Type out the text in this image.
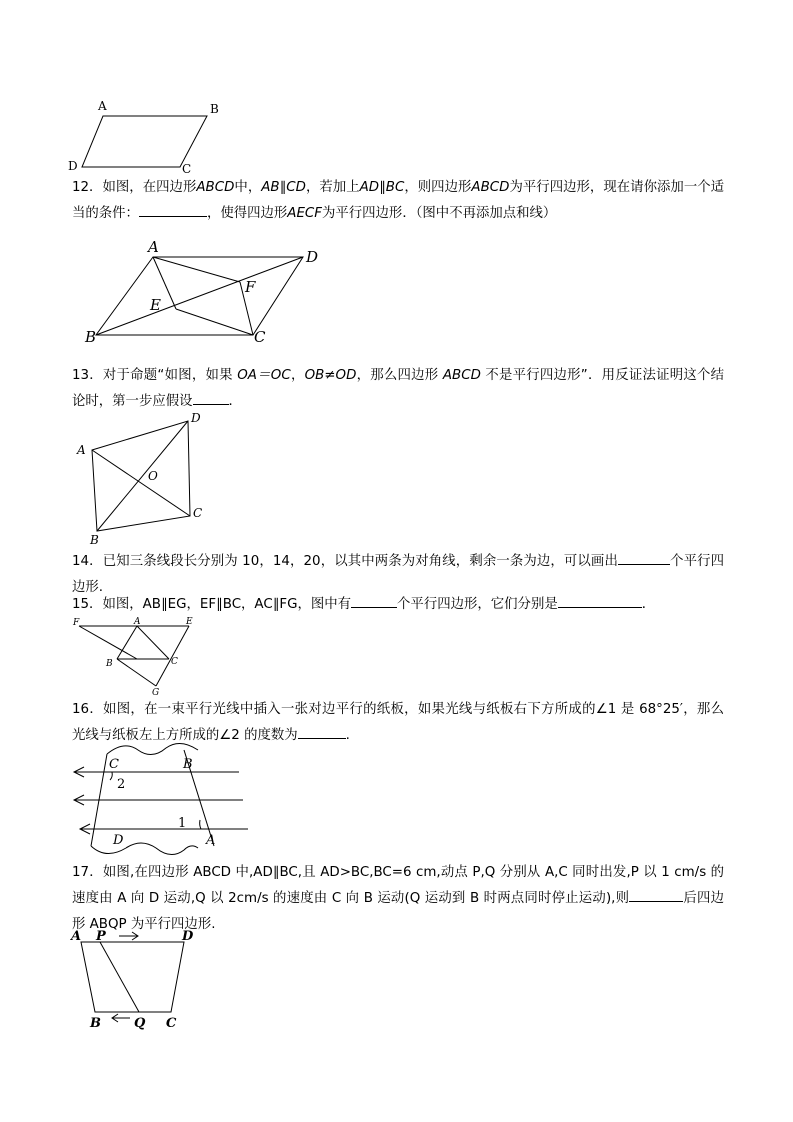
A	B
D	C
12．如图，在四边形ABCD中，AB∥CD，若加上AD∥BC，则四边形ABCD为平行四边形，现在请你添加一个适当的条件：	，使得四边形AECF为平行四边形．（图中不再添加点和线）
A
D
E
F
B	C
13．对于命题“如图，如果 OA＝OC，OB≠OD，那么四边形 ABCD 不是平行四边形”．用反证法证明这个结论时，第一步应假设	．
A
D
O
B
C
14．已知三条线段长分别为 10，14，20，以其中两条为对角线，剩余一条为边，可以画出	个平行四边形.
15．如图，AB∥EG，EF∥BC，AC∥FG，图中有	个平行四边形，它们分别是	．
F	A	E
B	C
G
16．如图，在一束平行光线中插入一张对边平行的纸板，如果光线与纸板右下方所成的∠1 是 68°25′，那么光线与纸板左上方所成的∠2 的度数为	.
C	B
2
1
D	A
17．如图,在四边形 ABCD 中,AD∥BC,且 AD>BC,BC=6 cm,动点 P,Q 分别从 A,C 同时出发,P 以 1 cm/s 的速度由 A 向 D 运动,Q 以 2cm/s 的速度由 C 向 B 运动(Q 运动到 B 时两点同时停止运动),则	后四边形 ABQP 为平行四边形.
A P	D
B	Q C
